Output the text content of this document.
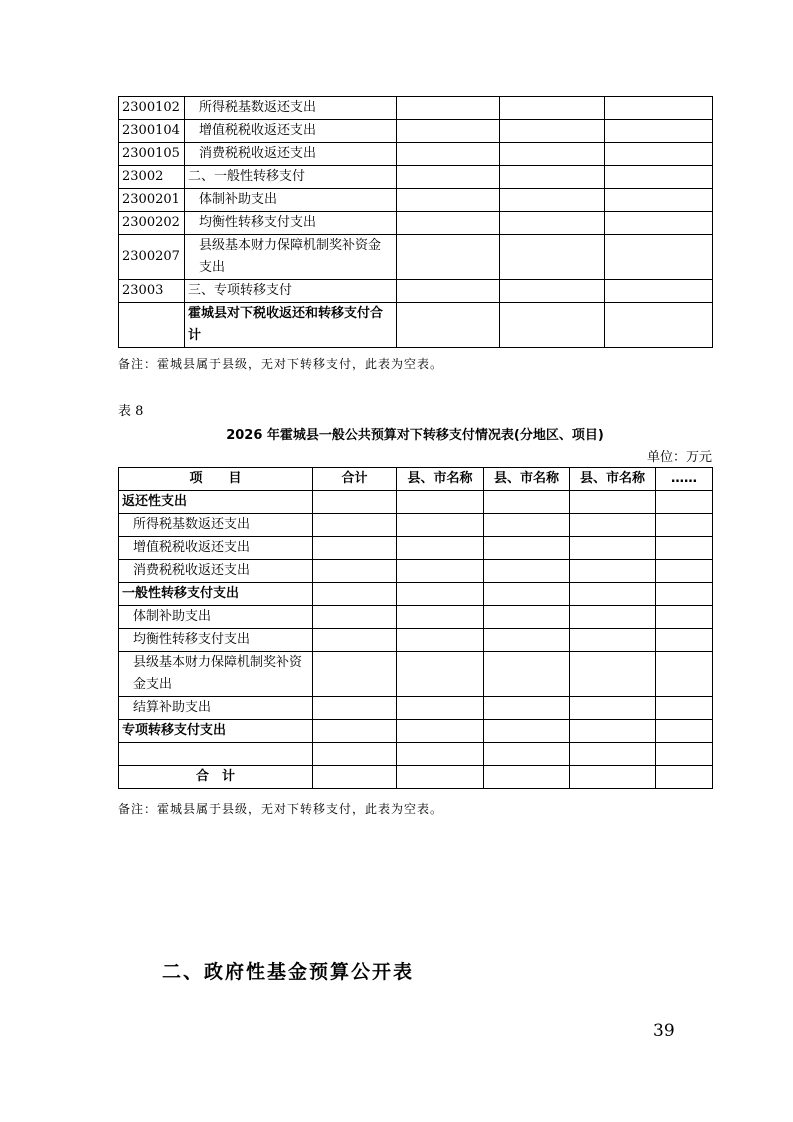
2300102	所得税基数返还支出			
2300104	增值税税收返还支出			
2300105	消费税税收返还支出			
23002	二、一般性转移支付			
2300201	体制补助支出			
2300202	均衡性转移支付支出			
2300207	县级基本财力保障机制奖补资金支出			
23003	三、专项转移支付			
	霍城县对下税收返还和转移支付合计			
备注：霍城县属于县级，无对下转移支付，此表为空表。
表 8
2026 年霍城县一般公共预算对下转移支付情况表(分地区、项目)
单位：万元
项　　目	合计	县、市名称	县、市名称	县、市名称	……
返还性支出					
所得税基数返还支出					
增值税税收返还支出					
消费税税收返还支出					
一般性转移支付支出					
体制补助支出					
均衡性转移支付支出					
县级基本财力保障机制奖补资金支出					
结算补助支出					
专项转移支付支出					

合　计					
备注：霍城县属于县级，无对下转移支付，此表为空表。
二、政府性基金预算公开表
39
